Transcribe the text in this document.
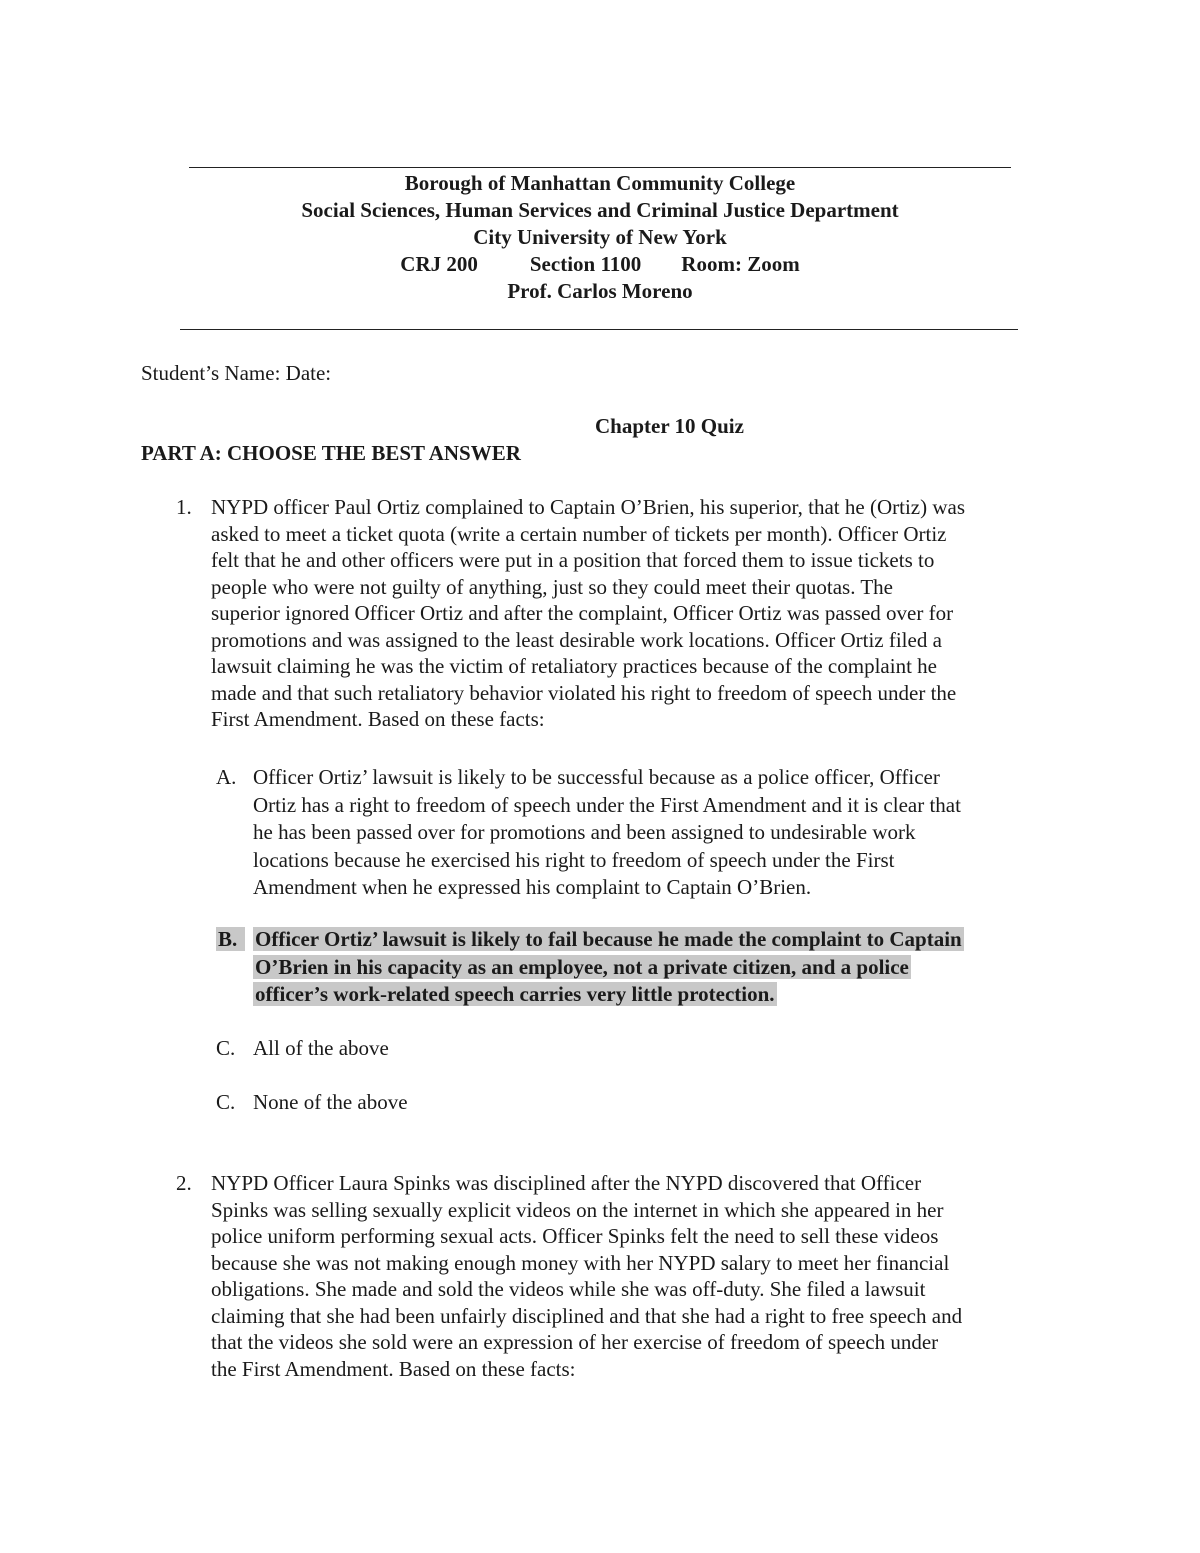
Borough of Manhattan Community College
Social Sciences, Human Services and Criminal Justice Department
City University of New York
CRJ 200 Section 1100 Room: Zoom
Prof. Carlos Moreno
Student’s Name: Date:
Chapter 10 Quiz
PART A: CHOOSE THE BEST ANSWER
1. NYPD officer Paul Ortiz complained to Captain O’Brien, his superior, that he (Ortiz) was
asked to meet a ticket quota (write a certain number of tickets per month). Officer Ortiz
felt that he and other officers were put in a position that forced them to issue tickets to
people who were not guilty of anything, just so they could meet their quotas. The
superior ignored Officer Ortiz and after the complaint, Officer Ortiz was passed over for
promotions and was assigned to the least desirable work locations. Officer Ortiz filed a
lawsuit claiming he was the victim of retaliatory practices because of the complaint he
made and that such retaliatory behavior violated his right to freedom of speech under the
First Amendment. Based on these facts:
A. Officer Ortiz’ lawsuit is likely to be successful because as a police officer, Officer
Ortiz has a right to freedom of speech under the First Amendment and it is clear that
he has been passed over for promotions and been assigned to undesirable work
locations because he exercised his right to freedom of speech under the First
Amendment when he expressed his complaint to Captain O’Brien.
B. Officer Ortiz’ lawsuit is likely to fail because he made the complaint to Captain
O’Brien in his capacity as an employee, not a private citizen, and a police
officer’s work-related speech carries very little protection.
C. All of the above
C. None of the above
2. NYPD Officer Laura Spinks was disciplined after the NYPD discovered that Officer
Spinks was selling sexually explicit videos on the internet in which she appeared in her
police uniform performing sexual acts. Officer Spinks felt the need to sell these videos
because she was not making enough money with her NYPD salary to meet her financial
obligations. She made and sold the videos while she was off-duty. She filed a lawsuit
claiming that she had been unfairly disciplined and that she had a right to free speech and
that the videos she sold were an expression of her exercise of freedom of speech under
the First Amendment. Based on these facts:
